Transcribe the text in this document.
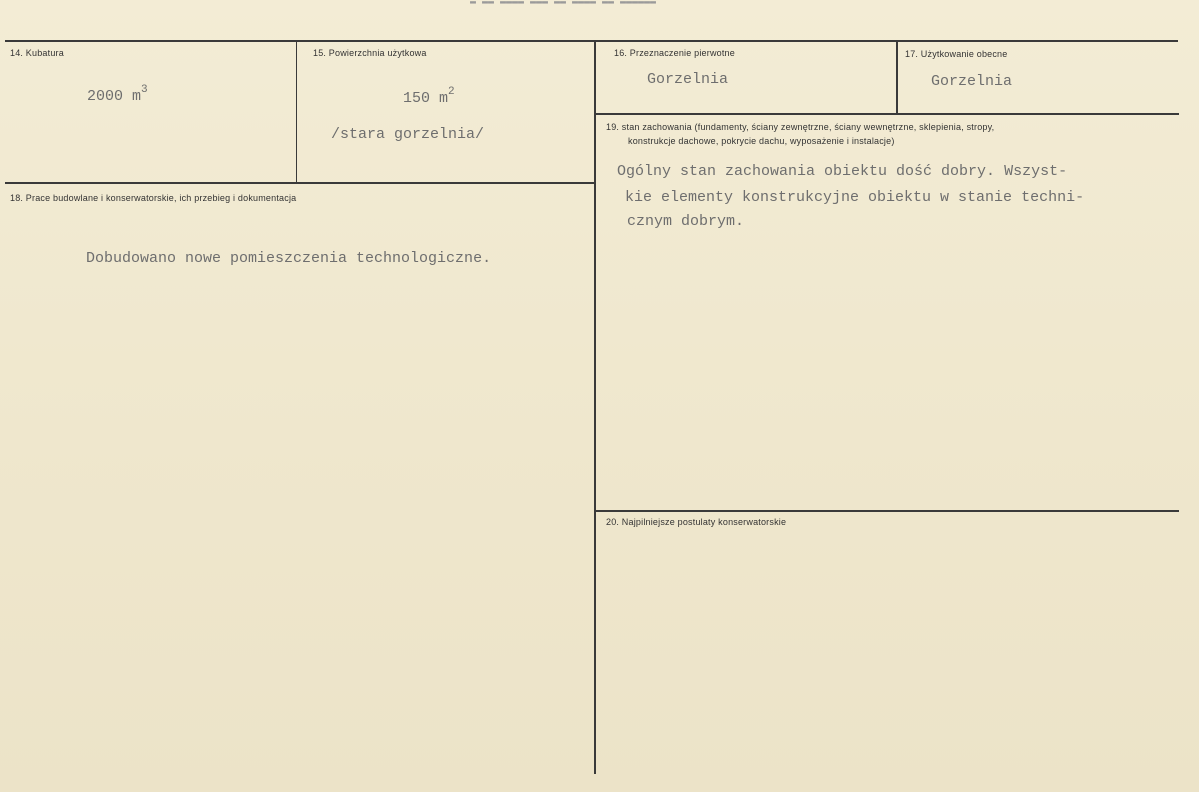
▬ ▬▬ ▬▬▬▬ ▬▬▬ ▬▬ ▬▬▬▬ ▬▬ ▬▬▬▬▬▬
14. Kubatura
2000 $m^3$
15. Powierzchnia użytkowa
150 $m^2$
/stara gorzelnia/
16. Przeznaczenie pierwotne
Gorzelnia
17. Użytkowanie obecne
Gorzelnia
19. stan zachowania (fundamenty, ściany zewnętrzne, ściany wewnętrzne, sklepienia, stropy,
konstrukcje dachowe, pokrycie dachu, wyposażenie i instalacje)
Ogólny stan zachowania obiektu dość dobry. Wszyst-
kie elementy konstrukcyjne obiektu w stanie techni-
cznym dobrym.
18. Prace budowlane i konserwatorskie, ich przebieg i dokumentacja
Dobudowano nowe pomieszczenia technologiczne.
20. Najpilniejsze postulaty konserwatorskie
